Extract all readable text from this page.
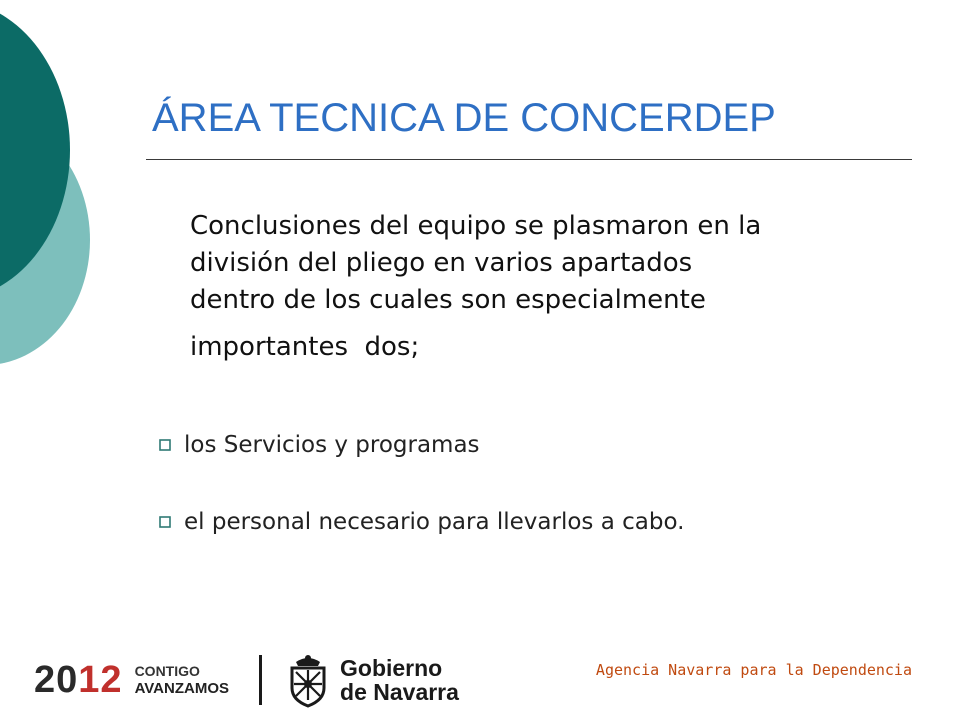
ÁREA TECNICA DE CONCERDEP
Conclusiones del equipo se plasmaron en la
división del pliego en varios apartados
dentro de los cuales son especialmente
importantes  dos;
los Servicios y programas
el personal necesario para llevarlos a cabo.
2012 CONTIGO
AVANZAMOS
Gobierno
de Navarra
Agencia Navarra para la Dependencia
